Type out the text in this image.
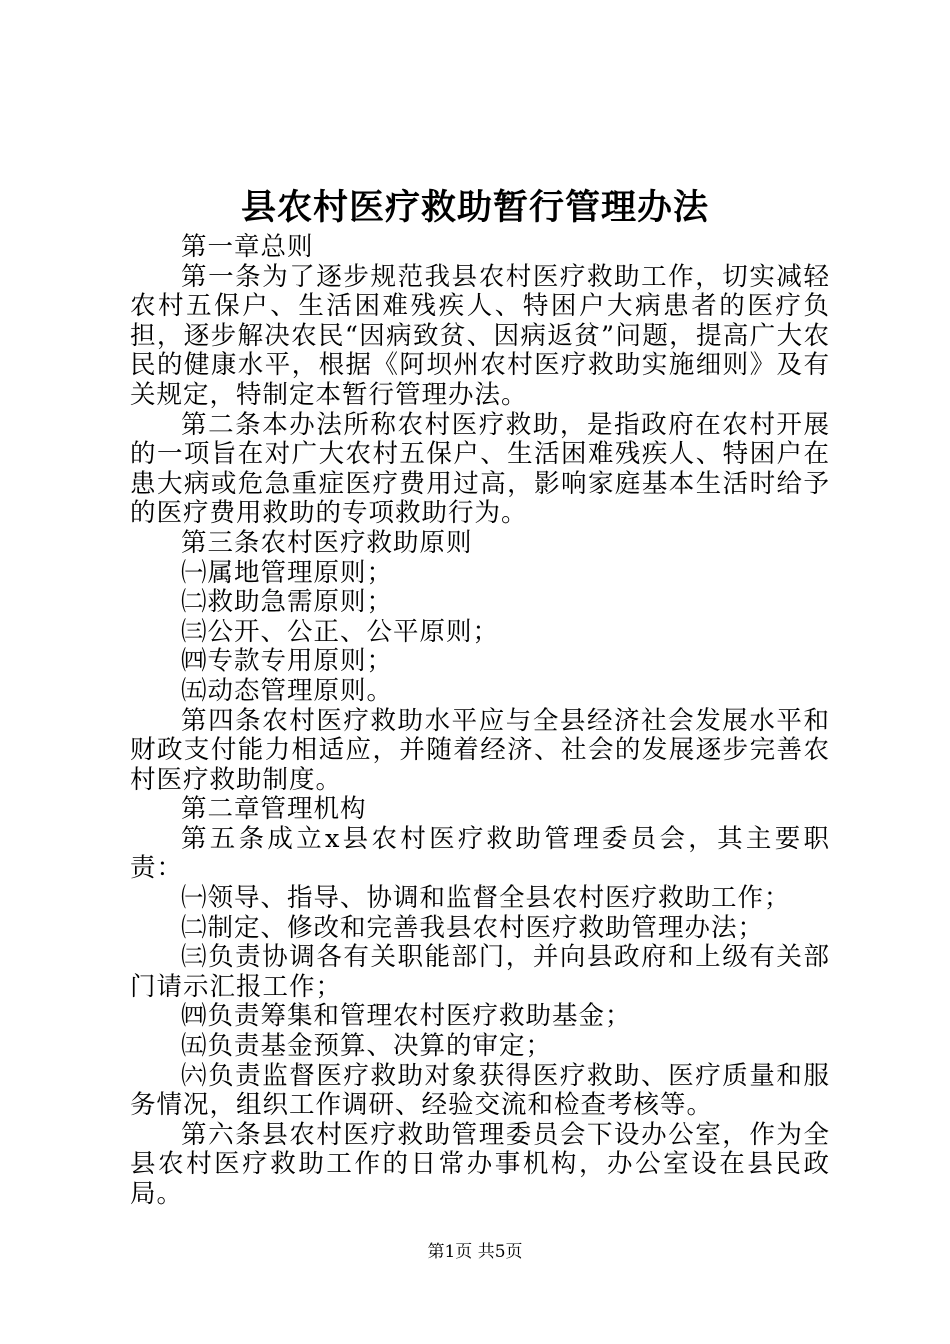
县农村医疗救助暂行管理办法

第一章总则

第一条为了逐步规范我县农村医疗救助工作，切实减轻农村五保户、生活困难残疾人、特困户大病患者的医疗负担，逐步解决农民“因病致贫、因病返贫”问题，提高广大农民的健康水平，根据《阿坝州农村医疗救助实施细则》及有关规定，特制定本暂行管理办法。

第二条本办法所称农村医疗救助，是指政府在农村开展的一项旨在对广大农村五保户、生活困难残疾人、特困户在患大病或危急重症医疗费用过高，影响家庭基本生活时给予的医疗费用救助的专项救助行为。

第三条农村医疗救助原则

㈠属地管理原则；

㈡救助急需原则；

㈢公开、公正、公平原则；

㈣专款专用原则；

㈤动态管理原则。

第四条农村医疗救助水平应与全县经济社会发展水平和财政支付能力相适应，并随着经济、社会的发展逐步完善农村医疗救助制度。

第二章管理机构

第五条成立x县农村医疗救助管理委员会，其主要职责：

㈠领导、指导、协调和监督全县农村医疗救助工作；

㈡制定、修改和完善我县农村医疗救助管理办法；

㈢负责协调各有关职能部门，并向县政府和上级有关部门请示汇报工作；

㈣负责筹集和管理农村医疗救助基金；

㈤负责基金预算、决算的审定；

㈥负责监督医疗救助对象获得医疗救助、医疗质量和服务情况，组织工作调研、经验交流和检查考核等。

第六条县农村医疗救助管理委员会下设办公室，作为全县农村医疗救助工作的日常办事机构，办公室设在县民政局。

第1页 共5页
